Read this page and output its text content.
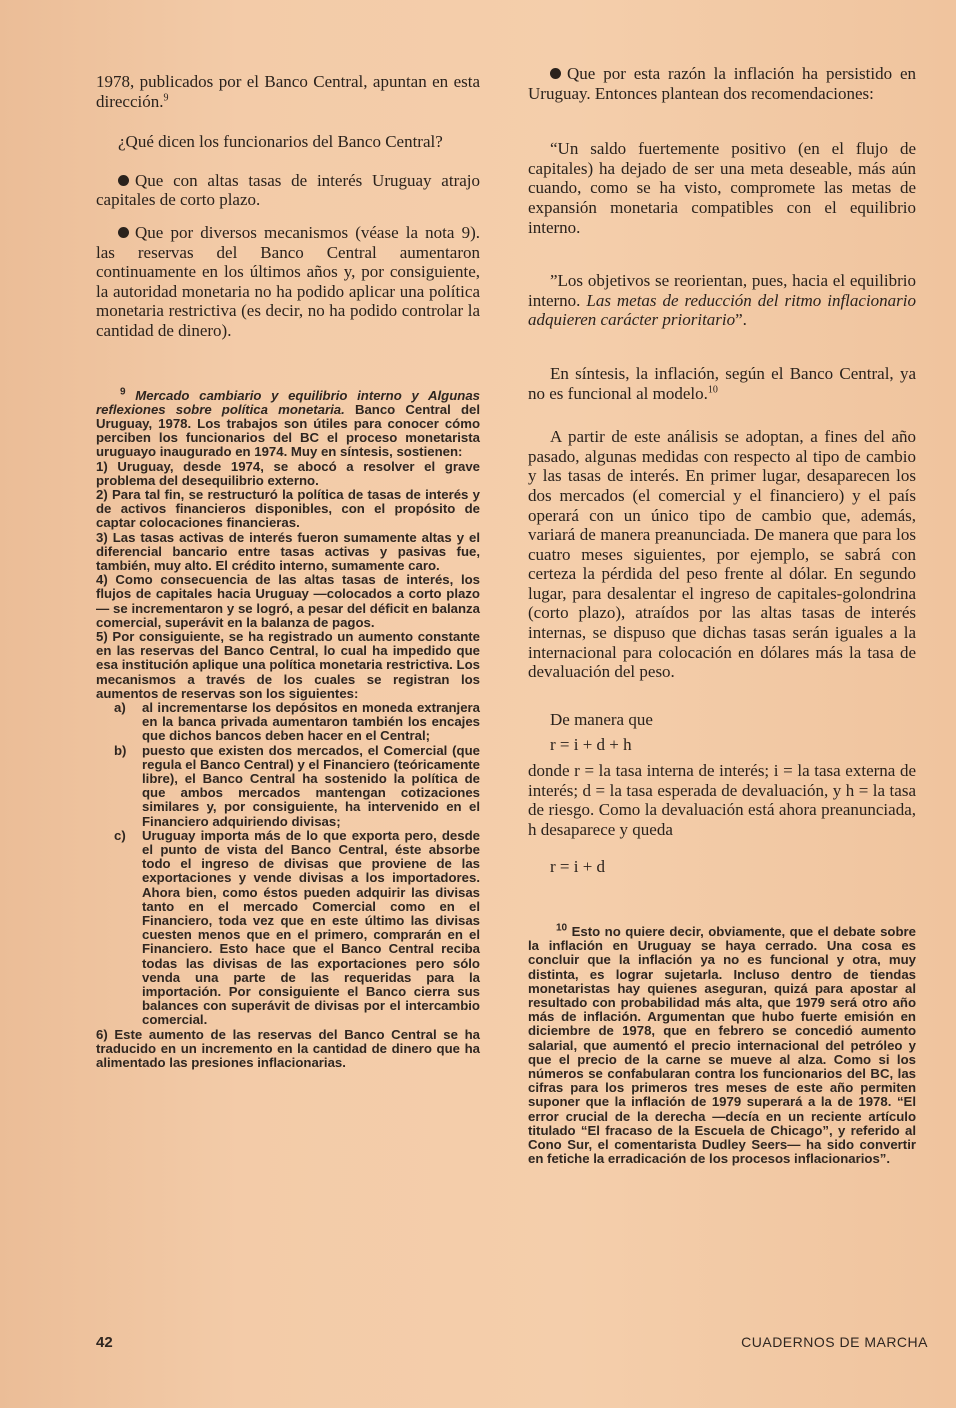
1978, publicados por el Banco Central, apuntan en esta dirección.$^9$

¿Qué dicen los funcionarios del Banco Central?

Que con altas tasas de interés Uruguay atrajo capitales de corto plazo.

Que por diversos mecanismos (véase la nota 9). las reservas del Banco Central aumentaron continuamente en los últimos años y, por consiguiente, la autoridad monetaria no ha podido aplicar una política monetaria restrictiva (es decir, no ha podido controlar la cantidad de dinero).

$^9$ Mercado cambiario y equilibrio interno y Algunas reflexiones sobre política monetaria. Banco Central del Uruguay, 1978. Los trabajos son útiles para conocer cómo perciben los funcionarios del BC el proceso monetarista uruguayo inaugurado en 1974. Muy en síntesis, sostienen:

1) Uruguay, desde 1974, se abocó a resolver el grave problema del desequilibrio externo.

2) Para tal fin, se restructuró la política de tasas de interés y de activos financieros disponibles, con el propósito de captar colocaciones financieras.

3) Las tasas activas de interés fueron sumamente altas y el diferencial bancario entre tasas activas y pasivas fue, también, muy alto. El crédito interno, sumamente caro.

4) Como consecuencia de las altas tasas de interés, los flujos de capitales hacia Uruguay —colocados a corto plazo— se incrementaron y se logró, a pesar del déficit en balanza comercial, superávit en la balanza de pagos.

5) Por consiguiente, se ha registrado un aumento constante en las reservas del Banco Central, lo cual ha impedido que esa institución aplique una política monetaria restrictiva. Los mecanismos a través de los cuales se registran los aumentos de reservas son los siguientes:

a)	al incrementarse los depósitos en moneda extranjera en la banca privada aumentaron también los encajes que dichos bancos deben hacer en el Central;
b)	puesto que existen dos mercados, el Comercial (que regula el Banco Central) y el Financiero (teóricamente libre), el Banco Central ha sostenido la política de que ambos mercados mantengan cotizaciones similares y, por consiguiente, ha intervenido en el Financiero adquiriendo divisas;
c)	Uruguay importa más de lo que exporta pero, desde el punto de vista del Banco Central, éste absorbe todo el ingreso de divisas que proviene de las exportaciones y vende divisas a los importadores. Ahora bien, como éstos pueden adquirir las divisas tanto en el mercado Comercial como en el Financiero, toda vez que en este último las divisas cuesten menos que en el primero, comprarán en el Financiero. Esto hace que el Banco Central reciba todas las divisas de las exportaciones pero sólo venda una parte de las requeridas para la importación. Por consiguiente el Banco cierra sus balances con superávit de divisas por el intercambio comercial.

6) Este aumento de las reservas del Banco Central se ha traducido en un incremento en la cantidad de dinero que ha alimentado las presiones inflacionarias.

Que por esta razón la inflación ha persistido en Uruguay. Entonces plantean dos recomendaciones:

“Un saldo fuertemente positivo (en el flujo de capitales) ha dejado de ser una meta deseable, más aún cuando, como se ha visto, compromete las metas de expansión monetaria compatibles con el equilibrio interno.

”Los objetivos se reorientan, pues, hacia el equilibrio interno. Las metas de reducción del ritmo inflacionario adquieren carácter prioritario”.

En síntesis, la inflación, según el Banco Central, ya no es funcional al modelo.$^{10}$

A partir de este análisis se adoptan, a fines del año pasado, algunas medidas con respecto al tipo de cambio y las tasas de interés. En primer lugar, desaparecen los dos mercados (el comercial y el financiero) y el país operará con un único tipo de cambio que, además, variará de manera preanunciada. De manera que para los cuatro meses siguientes, por ejemplo, se sabrá con certeza la pérdida del peso frente al dólar. En segundo lugar, para desalentar el ingreso de capitales-golondrina (corto plazo), atraídos por las altas tasas de interés internas, se dispuso que dichas tasas serán iguales a la internacional para colocación en dólares más la tasa de devaluación del peso.

De manera que

r = i + d + h

donde r = la tasa interna de interés; i = la tasa externa de interés; d = la tasa esperada de devaluación, y h = la tasa de riesgo. Como la devaluación está ahora preanunciada, h desaparece y queda

r = i + d

$^{10}$ Esto no quiere decir, obviamente, que el debate sobre la inflación en Uruguay se haya cerrado. Una cosa es concluir que la inflación ya no es funcional y otra, muy distinta, es lograr sujetarla. Incluso dentro de tiendas monetaristas hay quienes aseguran, quizá para apostar al resultado con probabilidad más alta, que 1979 será otro año más de inflación. Argumentan que hubo fuerte emisión en diciembre de 1978, que en febrero se concedió aumento salarial, que aumentó el precio internacional del petróleo y que el precio de la carne se mueve al alza. Como si los números se confabularan contra los funcionarios del BC, las cifras para los primeros tres meses de este año permiten suponer que la inflación de 1979 superará a la de 1978. “El error crucial de la derecha —decía en un reciente artículo titulado “El fracaso de la Escuela de Chicago”, y referido al Cono Sur, el comentarista Dudley Seers— ha sido convertir en fetiche la erradicación de los procesos inflacionarios”.

42	CUADERNOS DE MARCHA
